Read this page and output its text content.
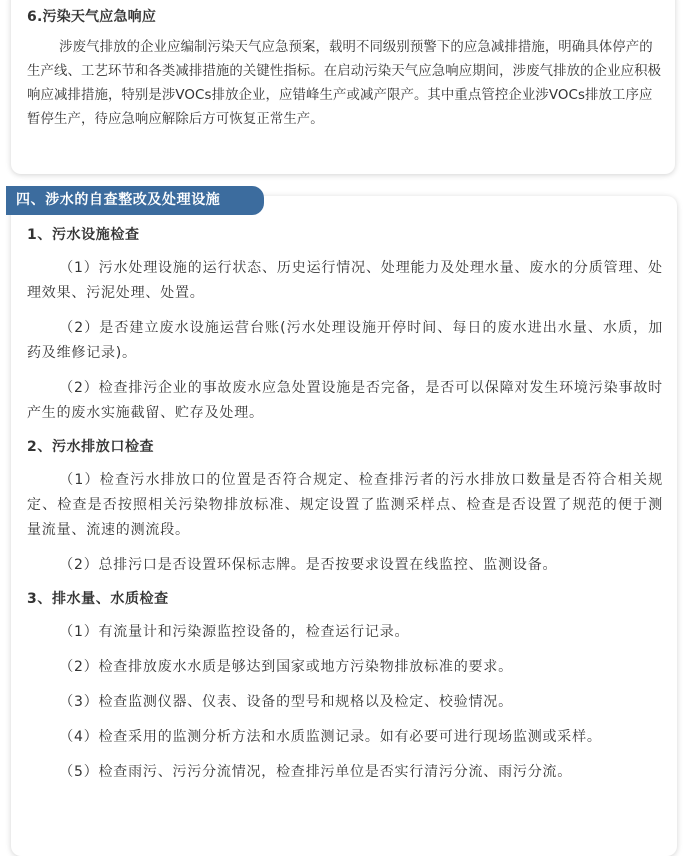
6.污染天气应急响应
涉废气排放的企业应编制污染天气应急预案，载明不同级别预警下的应急减排措施，明确具体停产的生产线、工艺环节和各类减排措施的关键性指标。在启动污染天气应急响应期间，涉废气排放的企业应积极响应减排措施，特别是涉VOCs排放企业，应错峰生产或减产限产。其中重点管控企业涉VOCs排放工序应暂停生产，待应急响应解除后方可恢复正常生产。
四、涉水的自查整改及处理设施

1、污水设施检查

（1）污水处理设施的运行状态、历史运行情况、处理能力及处理水量、废水的分质管理、处理效果、污泥处理、处置。

（2）是否建立废水设施运营台账(污水处理设施开停时间、每日的废水进出水量、水质，加药及维修记录)。

（2）检查排污企业的事故废水应急处置设施是否完备，是否可以保障对发生环境污染事故时产生的废水实施截留、贮存及处理。

2、污水排放口检查

（1）检查污水排放口的位置是否符合规定、检查排污者的污水排放口数量是否符合相关规定、检查是否按照相关污染物排放标准、规定设置了监测采样点、检查是否设置了规范的便于测量流量、流速的测流段。

（2）总排污口是否设置环保标志牌。是否按要求设置在线监控、监测设备。

3、排水量、水质检查

（1）有流量计和污染源监控设备的，检查运行记录。

（2）检查排放废水水质是够达到国家或地方污染物排放标准的要求。

（3）检查监测仪器、仪表、设备的型号和规格以及检定、校验情况。

（4）检查采用的监测分析方法和水质监测记录。如有必要可进行现场监测或采样。

（5）检查雨污、污污分流情况，检查排污单位是否实行清污分流、雨污分流。
